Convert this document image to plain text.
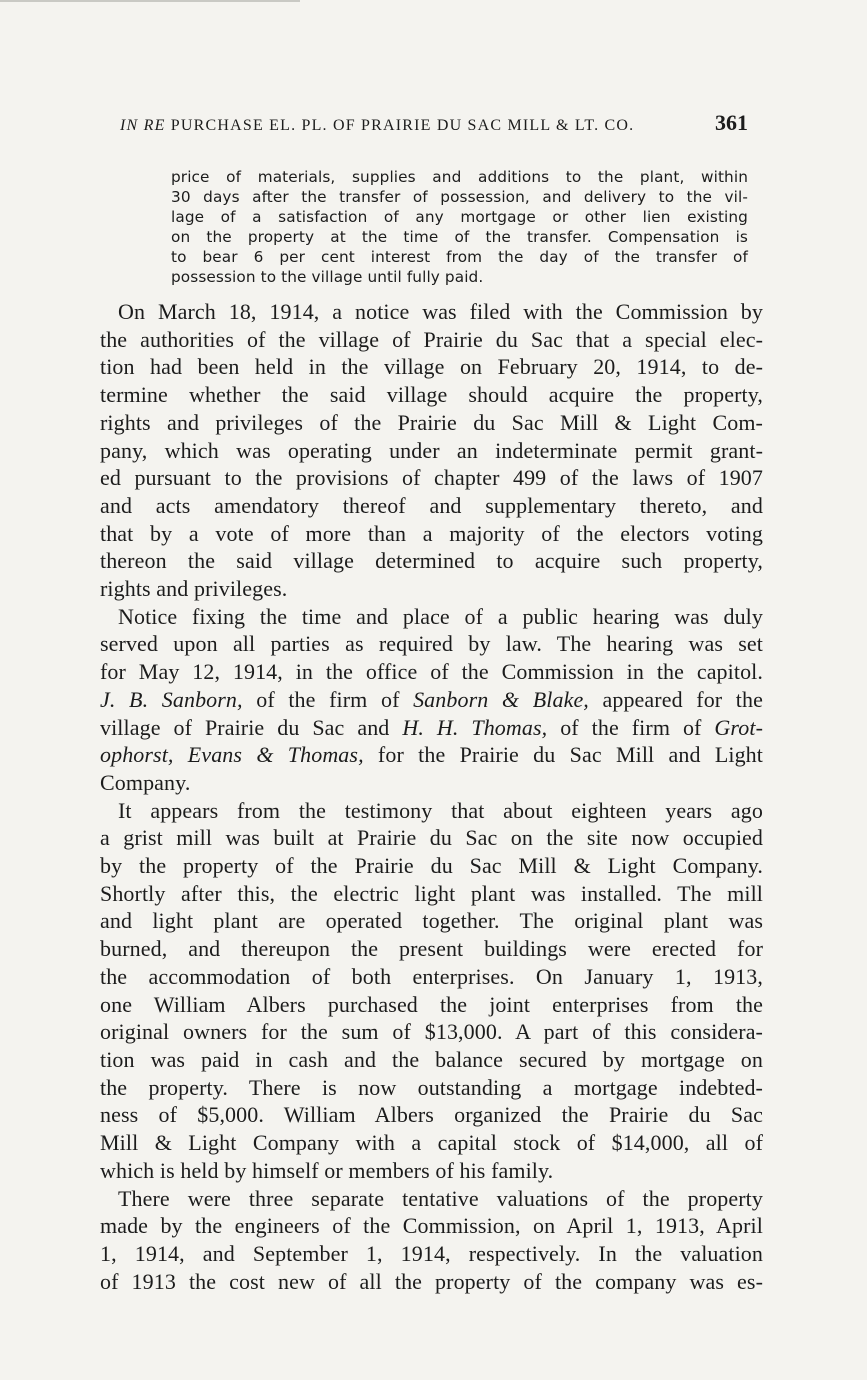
IN RE PURCHASE EL. PL. OF PRAIRIE DU SAC MILL & LT. CO.	361
price of materials, supplies and additions to the plant, within
30 days after the transfer of possession, and delivery to the vil-
lage of a satisfaction of any mortgage or other lien existing
on the property at the time of the transfer. Compensation is
to bear 6 per cent interest from the day of the transfer of
possession to the village until fully paid.
On March 18, 1914, a notice was filed with the Commission by
the authorities of the village of Prairie du Sac that a special elec-
tion had been held in the village on February 20, 1914, to de-
termine whether the said village should acquire the property,
rights and privileges of the Prairie du Sac Mill & Light Com-
pany, which was operating under an indeterminate permit grant-
ed pursuant to the provisions of chapter 499 of the laws of 1907
and acts amendatory thereof and supplementary thereto, and
that by a vote of more than a majority of the electors voting
thereon the said village determined to acquire such property,
rights and privileges.
Notice fixing the time and place of a public hearing was duly
served upon all parties as required by law. The hearing was set
for May 12, 1914, in the office of the Commission in the capitol.
J. B. Sanborn, of the firm of Sanborn & Blake, appeared for the
village of Prairie du Sac and H. H. Thomas, of the firm of Grot-
ophorst, Evans & Thomas, for the Prairie du Sac Mill and Light
Company.
It appears from the testimony that about eighteen years ago
a grist mill was built at Prairie du Sac on the site now occupied
by the property of the Prairie du Sac Mill & Light Company.
Shortly after this, the electric light plant was installed. The mill
and light plant are operated together. The original plant was
burned, and thereupon the present buildings were erected for
the accommodation of both enterprises. On January 1, 1913,
one William Albers purchased the joint enterprises from the
original owners for the sum of $13,000. A part of this considera-
tion was paid in cash and the balance secured by mortgage on
the property. There is now outstanding a mortgage indebted-
ness of $5,000. William Albers organized the Prairie du Sac
Mill & Light Company with a capital stock of $14,000, all of
which is held by himself or members of his family.
There were three separate tentative valuations of the property
made by the engineers of the Commission, on April 1, 1913, April
1, 1914, and September 1, 1914, respectively. In the valuation
of 1913 the cost new of all the property of the company was es-
